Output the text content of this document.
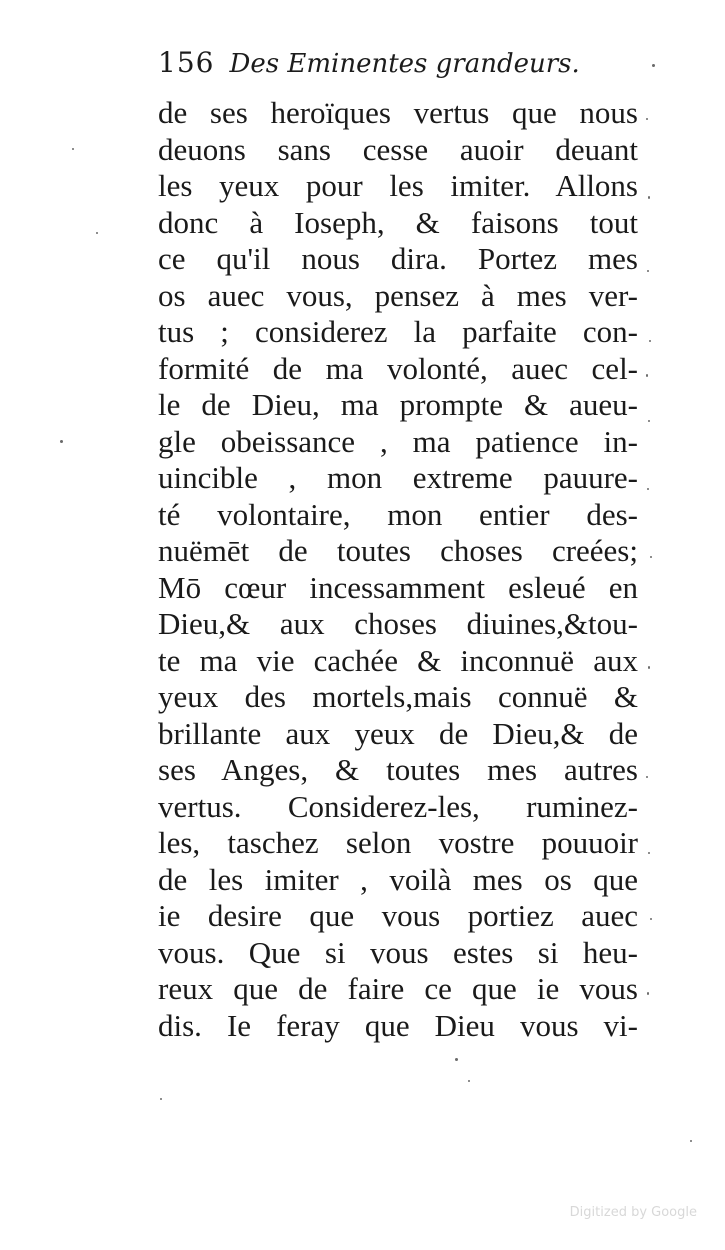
156 Des Eminentes grandeurs.
de ses heroïques vertus que nous
deuons sans cesse auoir deuant
les yeux pour les imiter. Allons
donc à Ioseph, & faisons tout
ce qu'il nous dira. Portez mes
os auec vous, pensez à mes ver-
tus ; considerez la parfaite con-
formité de ma volonté, auec cel-
le de Dieu, ma prompte & aueu-
gle obeissance , ma patience in-
uincible , mon extreme pauure-
té volontaire, mon entier des-
nuëmēt de toutes choses creées;
Mō cœur incessamment esleué en
Dieu,& aux choses diuines,&tou-
te ma vie cachée & inconnuë aux
yeux des mortels,mais connuë &
brillante aux yeux de Dieu,& de
ses Anges, & toutes mes autres
vertus. Considerez-les, ruminez-
les, taschez selon vostre pouuoir
de les imiter , voilà mes os que
ie desire que vous portiez auec
vous. Que si vous estes si heu-
reux que de faire ce que ie vous
dis. Ie feray que Dieu vous vi-
Digitized by Google
